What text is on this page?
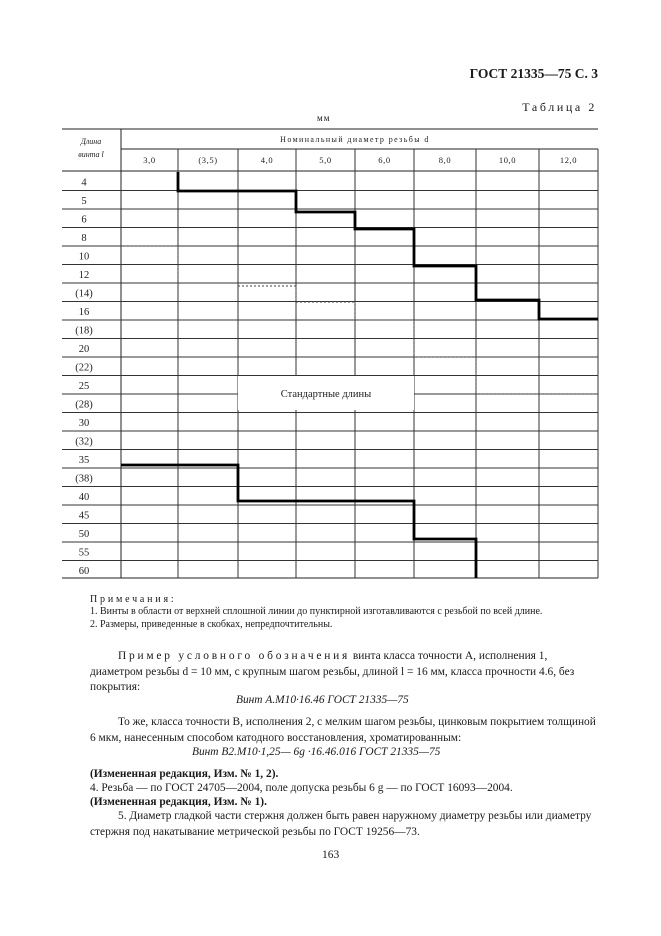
ГОСТ 21335—75 С. 3
Таблица 2
мм
Длина
винта l
Номинальный диаметр резьбы d
3,0	(3,5)	4,0	5,0	6,0	8,0	10,0	12,0
4
5
6
8
10
12
(14)
16
(18)
20
(22)
25
(28)
30
(32)
35
(38)
40
45
50
55
60
Стандартные длины
Примечания:
1. Винты в области от верхней сплошной линии до пунктирной изготавливаются с резьбой по всей длине.
2. Размеры, приведенные в скобках, непредпочтительны.
Пример условного обозначения винта класса точности А, исполнения 1,
диаметром резьбы d = 10 мм, с крупным шагом резьбы, длиной l = 16 мм, класса прочности 4.6, без покрытия:
Винт А.М10·16.46 ГОСТ 21335—75
То же, класса точности В, исполнения 2, с мелким шагом резьбы, цинковым покрытием толщиной 6 мкм, нанесенным способом катодного восстановления, хроматированным:
Винт В2.М10·1,25— 6g ·16.46.016 ГОСТ 21335—75
(Измененная редакция, Изм. № 1, 2).
4. Резьба — по ГОСТ 24705—2004, поле допуска резьбы 6 g — по ГОСТ 16093—2004.
(Измененная редакция, Изм. № 1).
5. Диаметр гладкой части стержня должен быть равен наружному диаметру резьбы или диаметру стержня под накатывание метрической резьбы по ГОСТ 19256—73.
163
